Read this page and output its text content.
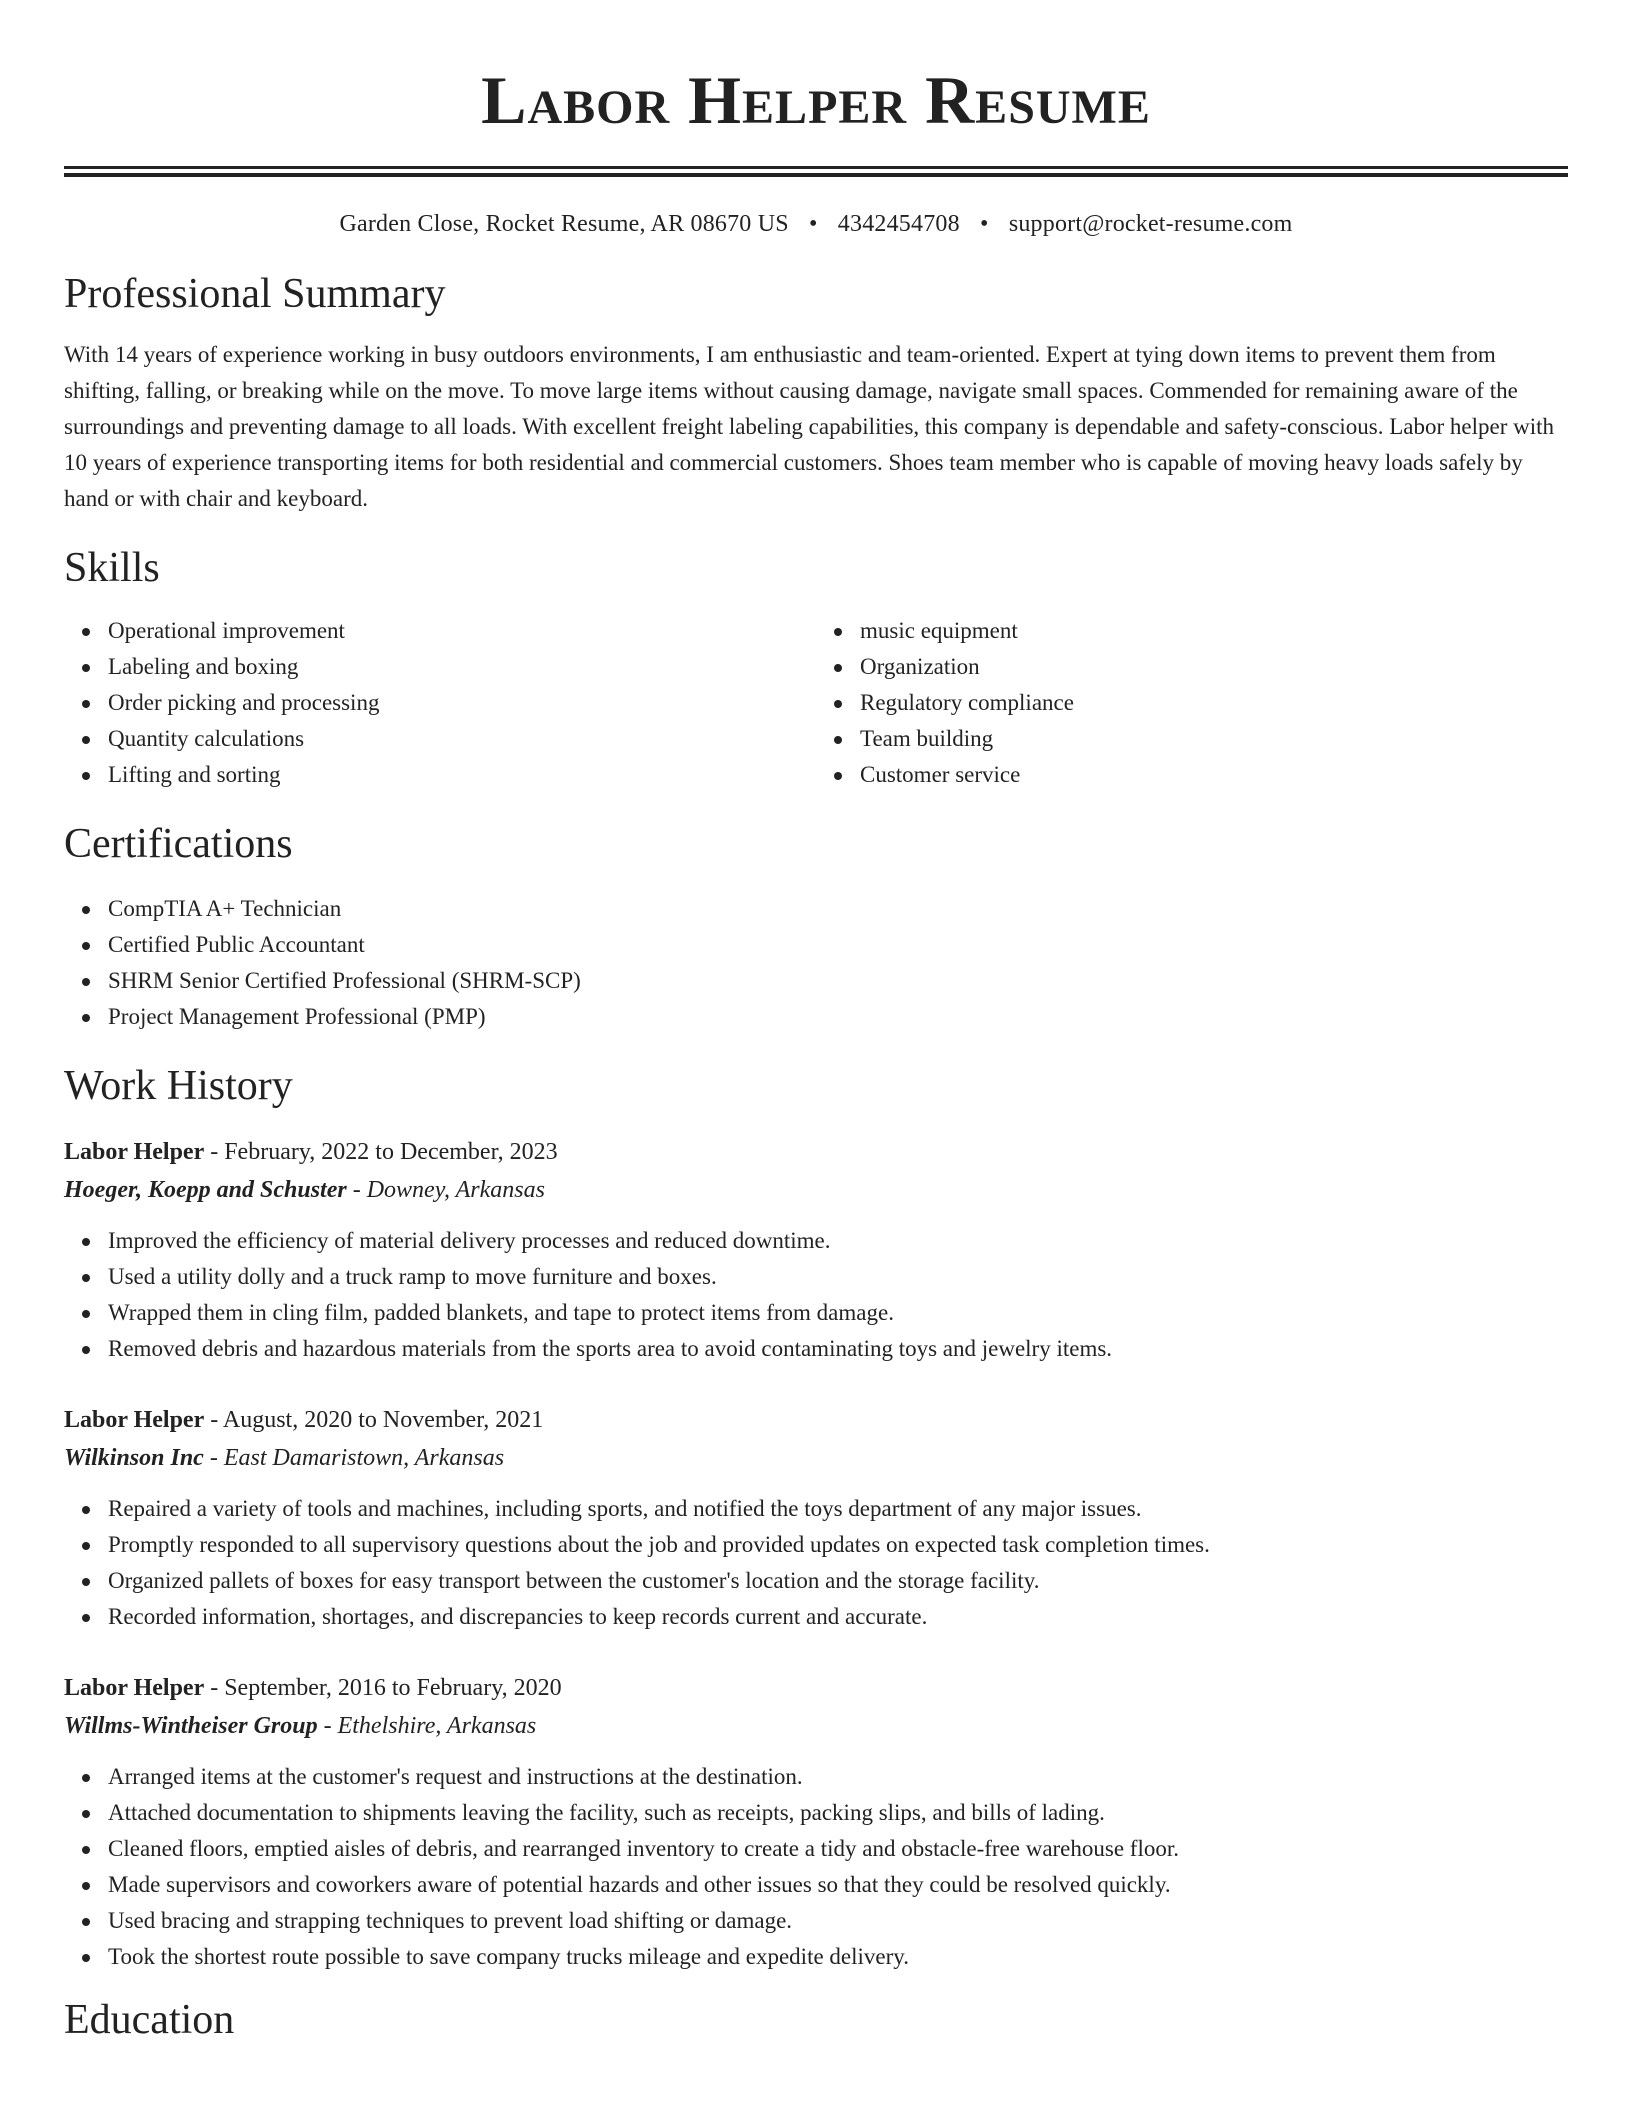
Labor Helper Resume
Garden Close, Rocket Resume, AR 08670 US • 4342454708 • support@rocket-resume.com
Professional Summary

With 14 years of experience working in busy outdoors environments, I am enthusiastic and team-oriented. Expert at tying down items to prevent them from shifting, falling, or breaking while on the move. To move large items without causing damage, navigate small spaces. Commended for remaining aware of the surroundings and preventing damage to all loads. With excellent freight labeling capabilities, this company is dependable and safety-conscious. Labor helper with 10 years of experience transporting items for both residential and commercial customers. Shoes team member who is capable of moving heavy loads safely by hand or with chair and keyboard.

Skills
Operational improvement
Labeling and boxing
Order picking and processing
Quantity calculations
Lifting and sorting
music equipment
Organization
Regulatory compliance
Team building
Customer service
Certifications
CompTIA A+ Technician
Certified Public Accountant
SHRM Senior Certified Professional (SHRM-SCP)
Project Management Professional (PMP)
Work History
Labor Helper - February, 2022 to December, 2023
Hoeger, Koepp and Schuster - Downey, Arkansas
Improved the efficiency of material delivery processes and reduced downtime.
Used a utility dolly and a truck ramp to move furniture and boxes.
Wrapped them in cling film, padded blankets, and tape to protect items from damage.
Removed debris and hazardous materials from the sports area to avoid contaminating toys and jewelry items.
Labor Helper - August, 2020 to November, 2021
Wilkinson Inc - East Damaristown, Arkansas
Repaired a variety of tools and machines, including sports, and notified the toys department of any major issues.
Promptly responded to all supervisory questions about the job and provided updates on expected task completion times.
Organized pallets of boxes for easy transport between the customer's location and the storage facility.
Recorded information, shortages, and discrepancies to keep records current and accurate.
Labor Helper - September, 2016 to February, 2020
Willms-Wintheiser Group - Ethelshire, Arkansas
Arranged items at the customer's request and instructions at the destination.
Attached documentation to shipments leaving the facility, such as receipts, packing slips, and bills of lading.
Cleaned floors, emptied aisles of debris, and rearranged inventory to create a tidy and obstacle-free warehouse floor.
Made supervisors and coworkers aware of potential hazards and other issues so that they could be resolved quickly.
Used bracing and strapping techniques to prevent load shifting or damage.
Took the shortest route possible to save company trucks mileage and expedite delivery.
Education
